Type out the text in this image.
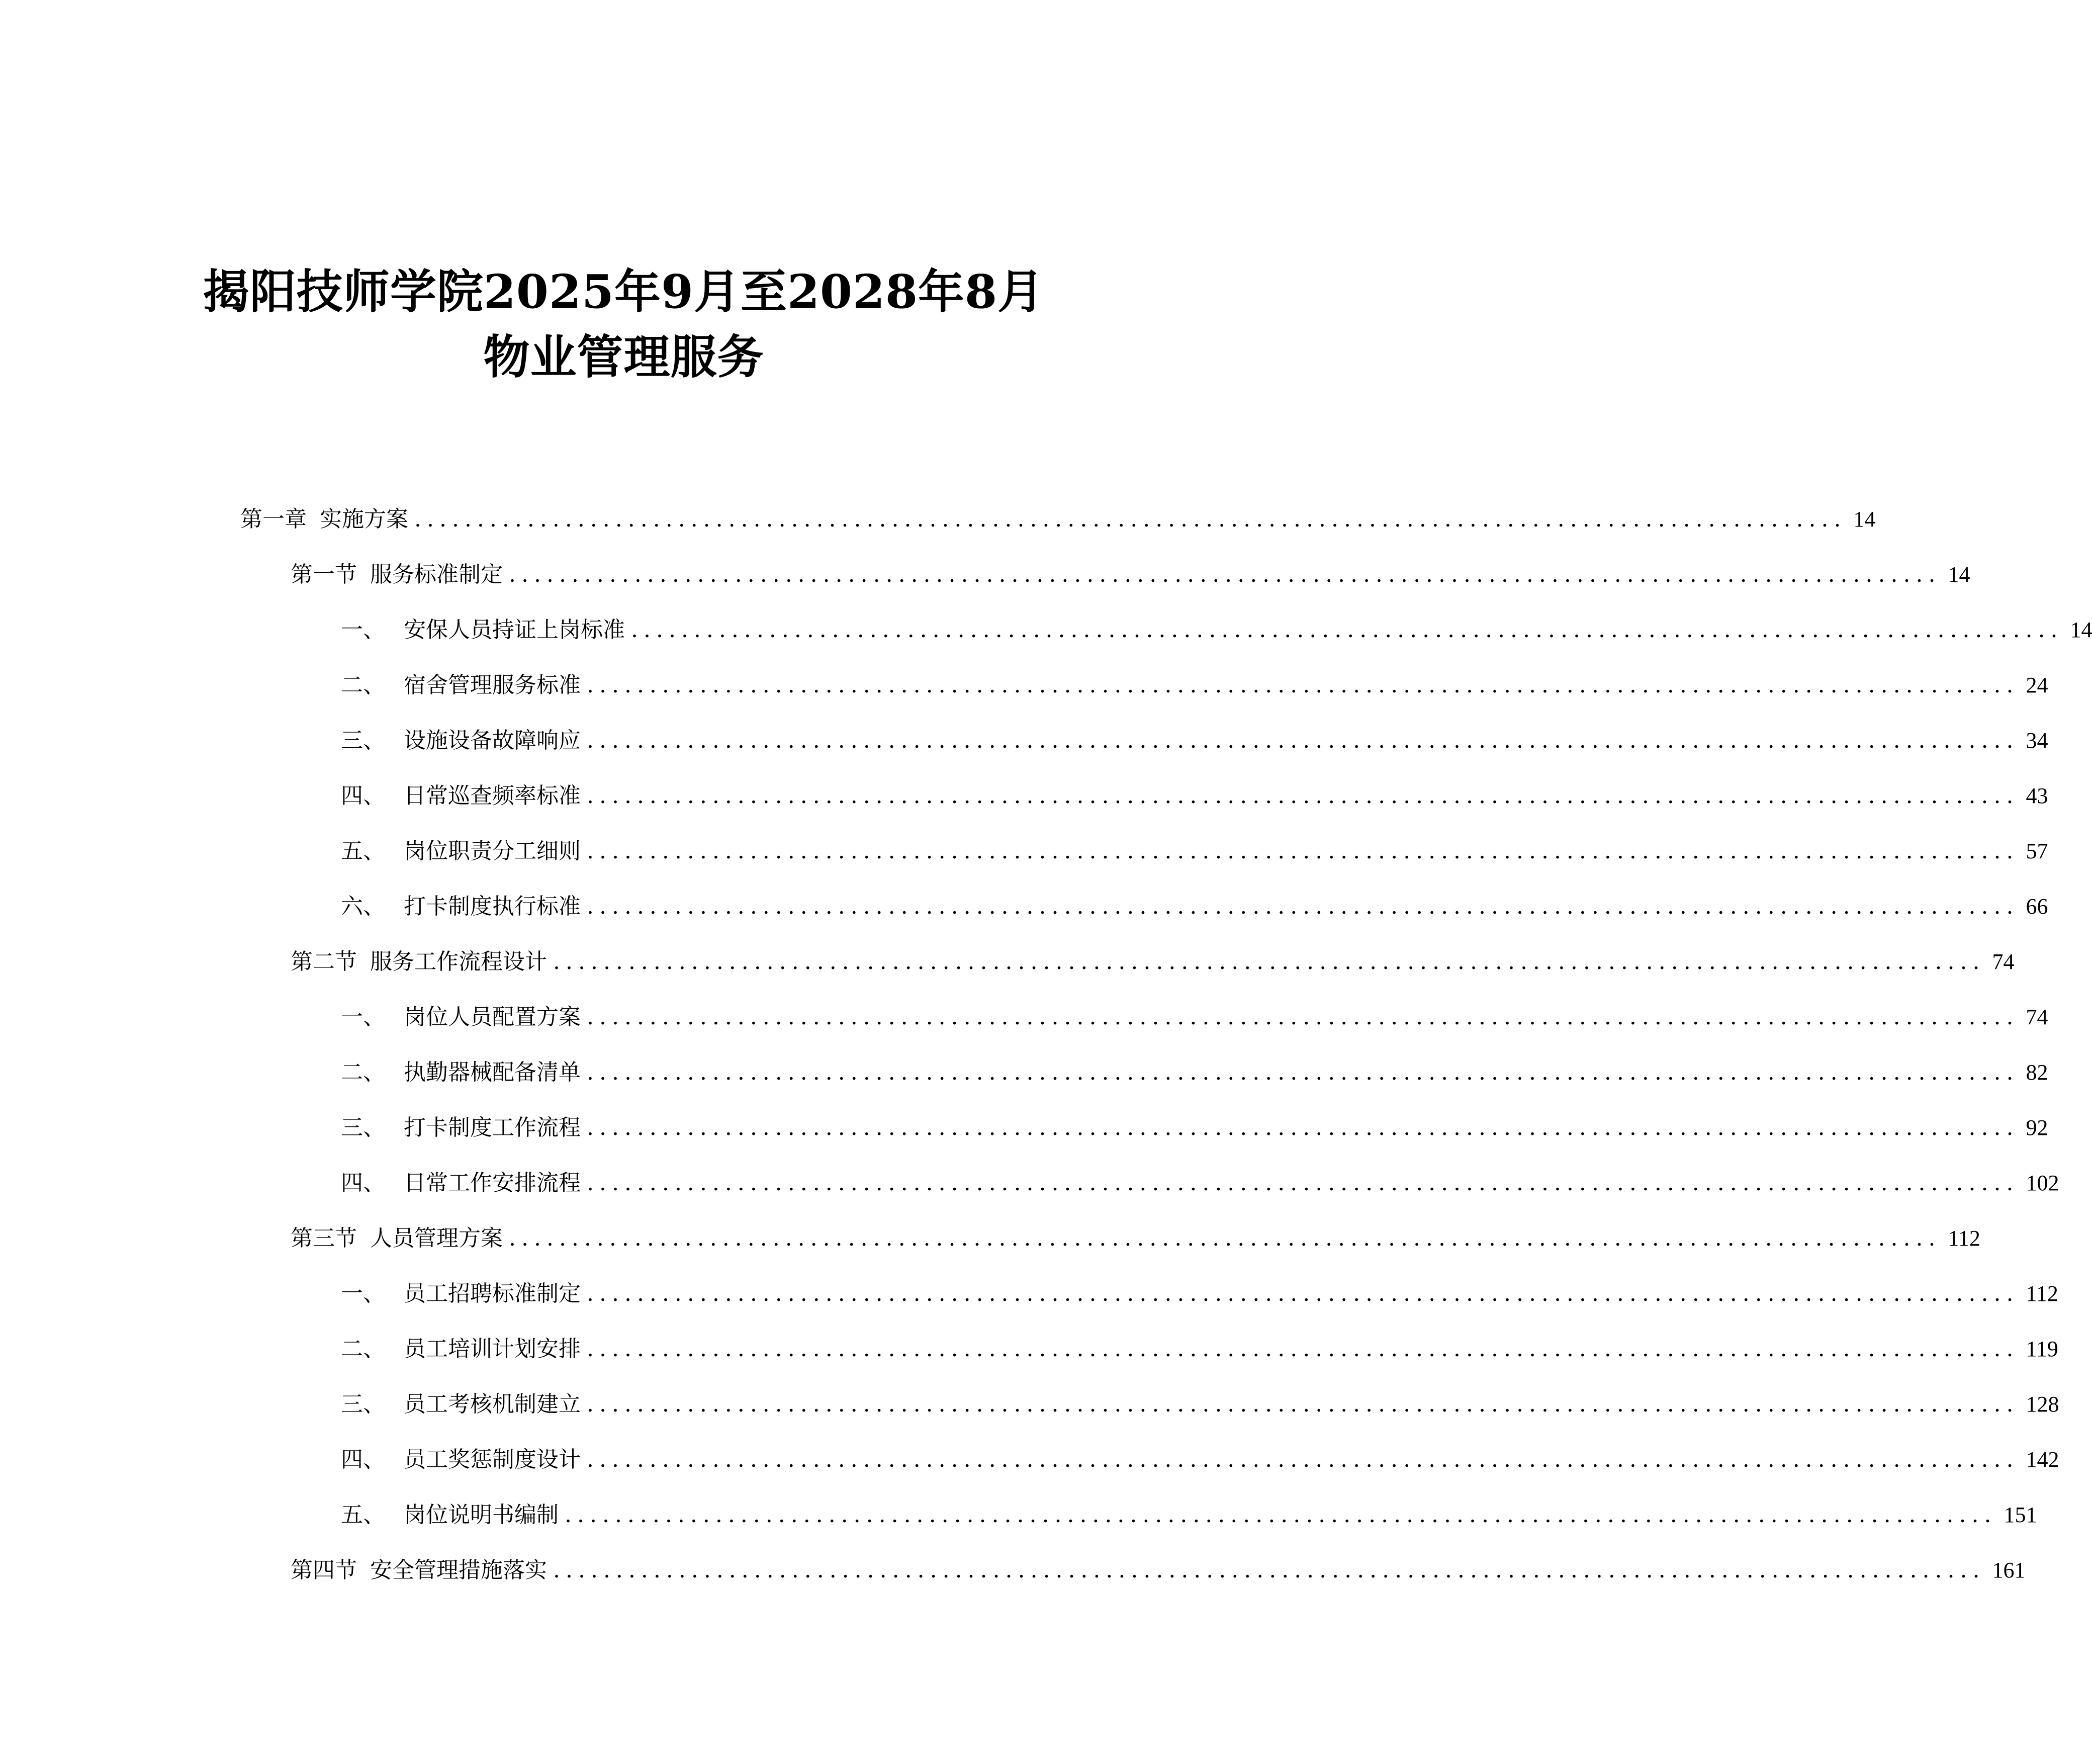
揭阳技师学院2025年9月至2028年8月
物业管理服务
第一章 实施方案 .................................................................................................................. 14
第一节 服务标准制定 .................................................................................................................. 14
一、 安保人员持证上岗标准 .................................................................................................................. 14
二、 宿舍管理服务标准 .................................................................................................................. 24
三、 设施设备故障响应 .................................................................................................................. 34
四、 日常巡查频率标准 .................................................................................................................. 43
五、 岗位职责分工细则 .................................................................................................................. 57
六、 打卡制度执行标准 .................................................................................................................. 66
第二节 服务工作流程设计 .................................................................................................................. 74
一、 岗位人员配置方案 .................................................................................................................. 74
二、 执勤器械配备清单 .................................................................................................................. 82
三、 打卡制度工作流程 .................................................................................................................. 92
四、 日常工作安排流程 .................................................................................................................. 102
第三节 人员管理方案 .................................................................................................................. 112
一、 员工招聘标准制定 .................................................................................................................. 112
二、 员工培训计划安排 .................................................................................................................. 119
三、 员工考核机制建立 .................................................................................................................. 128
四、 员工奖惩制度设计 .................................................................................................................. 142
五、 岗位说明书编制 .................................................................................................................. 151
第四节 安全管理措施落实 .................................................................................................................. 161
